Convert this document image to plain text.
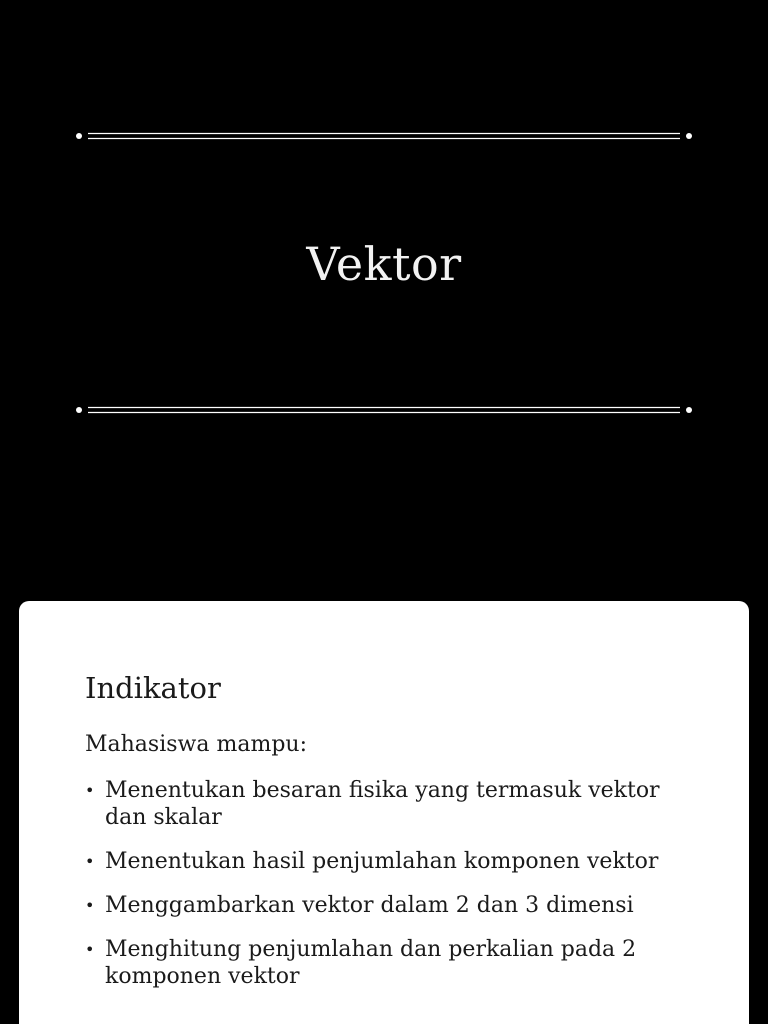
Vektor
Indikator
Mahasiswa mampu:
• Menentukan besaran fisika yang termasuk vektor dan skalar
• Menentukan hasil penjumlahan komponen vektor
• Menggambarkan vektor dalam 2 dan 3 dimensi
• Menghitung penjumlahan dan perkalian pada 2 komponen vektor
